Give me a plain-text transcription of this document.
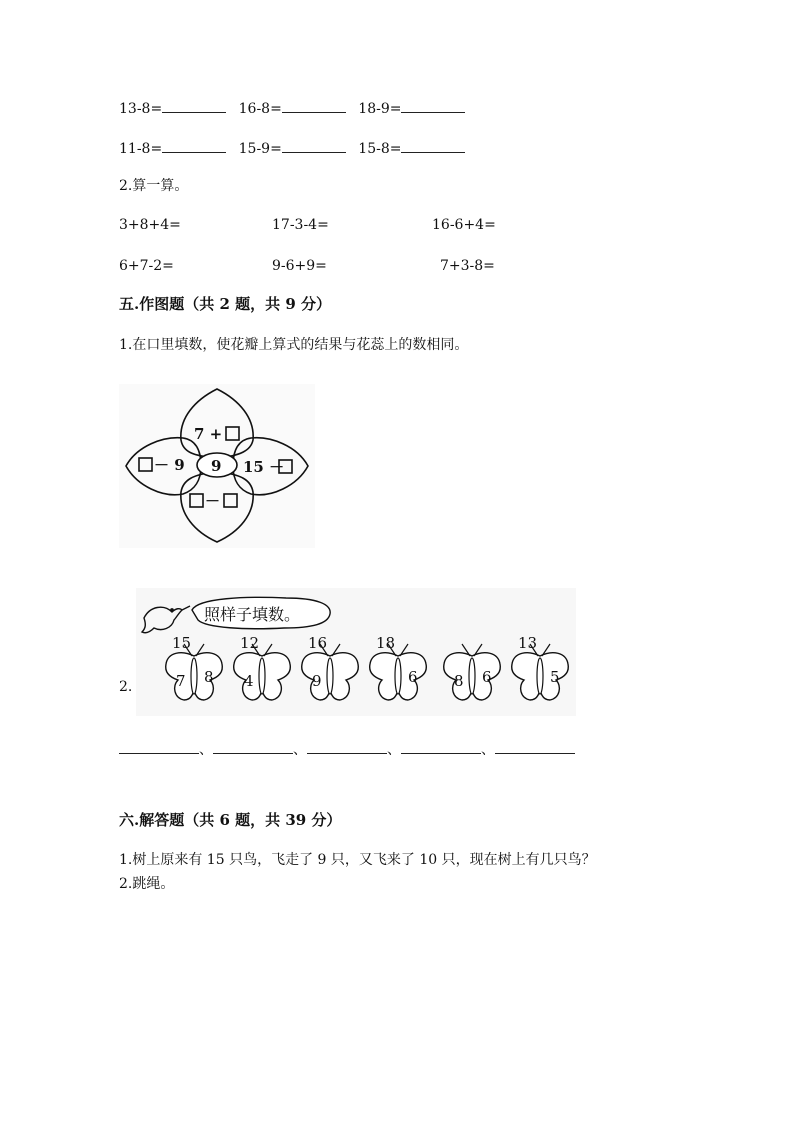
13-8=	16-8=	18-9=
11-8=	15-9=	15-8=
2.算一算。
3+8+4=	17-3-4=	16-6+4=
6+7-2=	9-6+9=	7+3-8=
五.作图题（共 2 题，共 9 分）
1.在口里填数，使花瓣上算式的结果与花蕊上的数相同。
9
7 +
－ 9	15 －
－
2.
照样子填数。
15
7 8
12
4
16
9
18
6 8 6
13
5
、	、	、	、
六.解答题（共 6 题，共 39 分）
1.树上原来有 15 只鸟，飞走了 9 只，又飞来了 10 只，现在树上有几只鸟？
2.跳绳。
